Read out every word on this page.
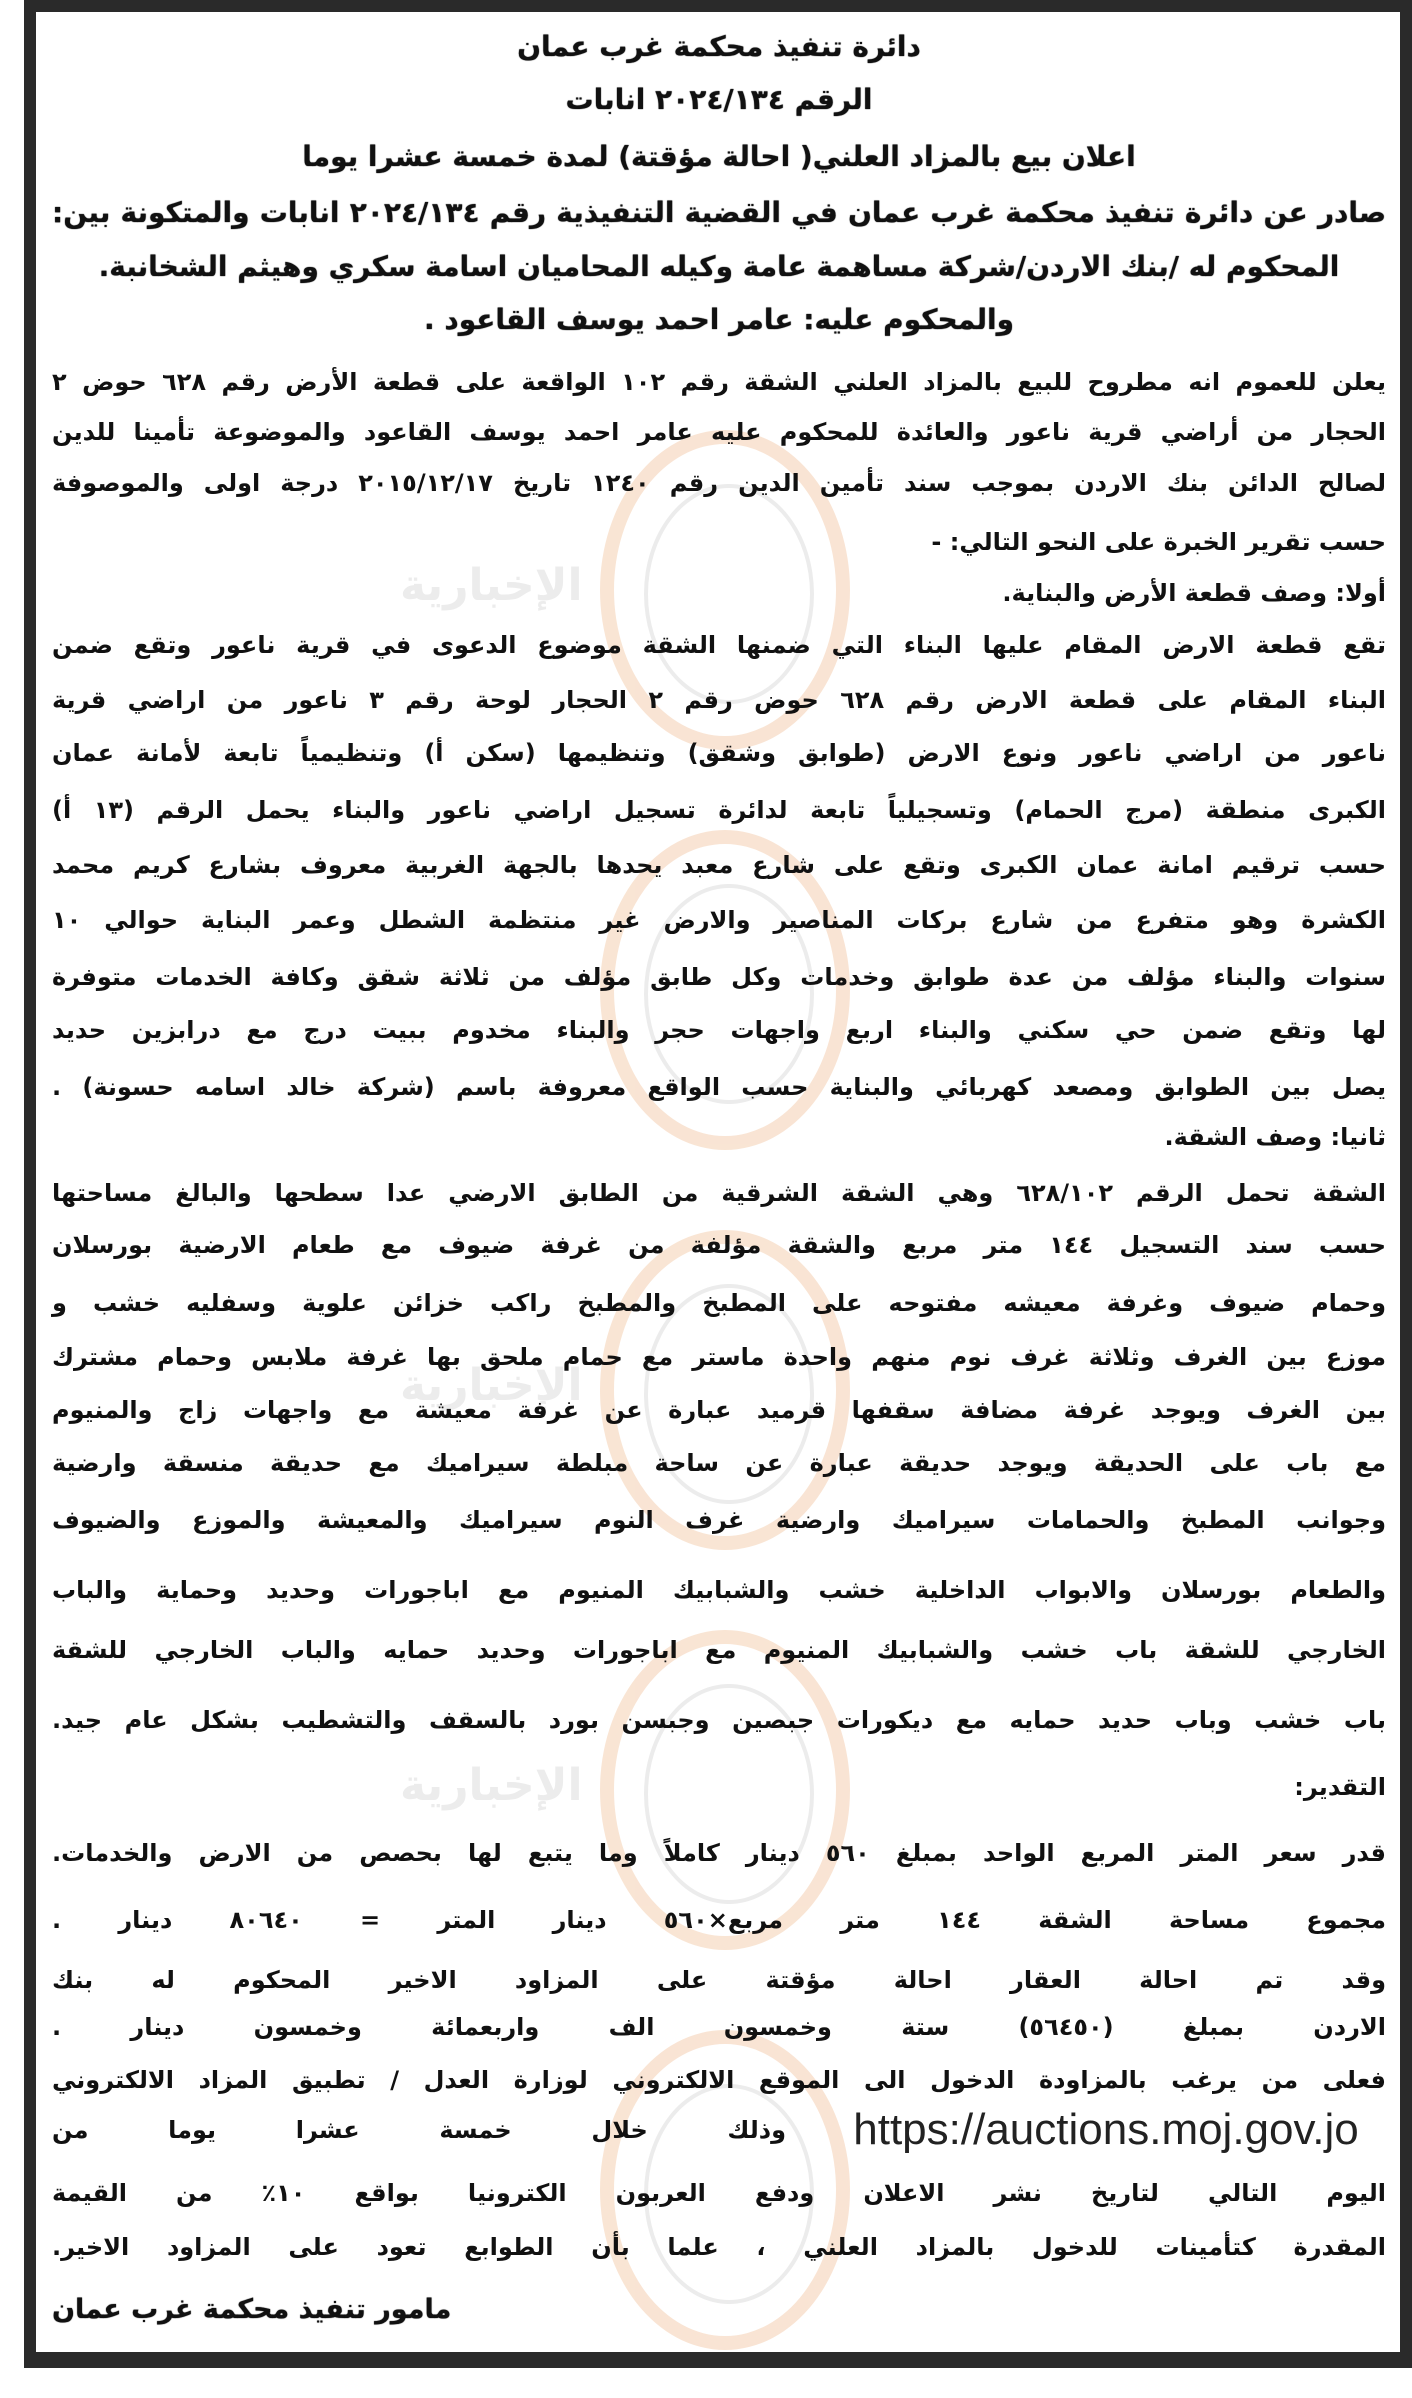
الإخبارية
الإخبارية
الإخبارية
دائرة تنفيذ محكمة غرب عمان
الرقم ٢٠٢٤/١٣٤ انابات
اعلان بيع بالمزاد العلني( احالة مؤقتة) لمدة خمسة عشرا يوما
صادر عن دائرة تنفيذ محكمة غرب عمان في القضية التنفيذية رقم ٢٠٢٤/١٣٤ انابات والمتكونة بين:
المحكوم له /بنك الاردن/شركة مساهمة عامة وكيله المحاميان اسامة سكري وهيثم الشخانبة.
والمحكوم عليه: عامر احمد يوسف القاعود .
يعلن للعموم انه مطروح للبيع بالمزاد العلني الشقة رقم ١٠٢ الواقعة على قطعة الأرض رقم ٦٢٨ حوض ٢
الحجار من أراضي قرية ناعور والعائدة للمحكوم عليه عامر احمد يوسف القاعود والموضوعة تأمينا للدين
لصالح الدائن بنك الاردن بموجب سند تأمين الدين رقم ١٢٤٠ تاريخ ٢٠١٥/١٢/١٧ درجة اولى والموصوفة
حسب تقرير الخبرة على النحو التالي: -
أولا: وصف قطعة الأرض والبناية.
تقع قطعة الارض المقام عليها البناء التي ضمنها الشقة موضوع الدعوى في قرية ناعور وتقع ضمن
البناء المقام على قطعة الارض رقم ٦٢٨ حوض رقم ٢ الحجار لوحة رقم ٣ ناعور من اراضي قرية
ناعور من اراضي ناعور ونوع الارض (طوابق وشقق) وتنظيمها (سكن أ) وتنظيمياً تابعة لأمانة عمان
الكبرى منطقة (مرج الحمام) وتسجيلياً تابعة لدائرة تسجيل اراضي ناعور والبناء يحمل الرقم (١٣ أ)
حسب ترقيم امانة عمان الكبرى وتقع على شارع معبد يحدها بالجهة الغربية معروف بشارع كريم محمد
الكشرة وهو متفرع من شارع بركات المناصير والارض غير منتظمة الشطل وعمر البناية حوالي ١٠
سنوات والبناء مؤلف من عدة طوابق وخدمات وكل طابق مؤلف من ثلاثة شقق وكافة الخدمات متوفرة
لها وتقع ضمن حي سكني والبناء اربع واجهات حجر والبناء مخدوم ببيت درج مع درابزين حديد
يصل بين الطوابق ومصعد كهربائي والبناية حسب الواقع معروفة باسم (شركة خالد اسامه حسونة) .
ثانيا: وصف الشقة.
الشقة تحمل الرقم ٦٢٨/١٠٢ وهي الشقة الشرقية من الطابق الارضي عدا سطحها والبالغ مساحتها
حسب سند التسجيل ١٤٤ متر مربع والشقة مؤلفة من غرفة ضيوف مع طعام الارضية بورسلان
وحمام ضيوف وغرفة معيشه مفتوحه على المطبخ والمطبخ راكب خزائن علوية وسفليه خشب و
موزع بين الغرف وثلاثة غرف نوم منهم واحدة ماستر مع حمام ملحق بها غرفة ملابس وحمام مشترك
بين الغرف ويوجد غرفة مضافة سقفها قرميد عبارة عن غرفة معيشة مع واجهات زاج والمنيوم
مع باب على الحديقة ويوجد حديقة عبارة عن ساحة مبلطة سيراميك مع حديقة منسقة وارضية
وجوانب المطبخ والحمامات سيراميك وارضية غرف النوم سيراميك والمعيشة والموزع والضيوف
والطعام بورسلان والابواب الداخلية خشب والشبابيك المنيوم مع اباجورات وحديد وحماية والباب
الخارجي للشقة باب خشب والشبابيك المنيوم مع اباجورات وحديد حمايه والباب الخارجي للشقة
باب خشب وباب حديد حمايه مع ديكورات جبصين وجبسن بورد بالسقف والتشطيب بشكل عام جيد.
التقدير:
قدر سعر المتر المربع الواحد بمبلغ ٥٦٠ دينار كاملاً وما يتبع لها بحصص من الارض والخدمات.
مجموع مساحة الشقة ١٤٤ متر مربع×٥٦٠ دينار المتر = ٨٠٦٤٠ دينار .
وقد تم احالة العقار احالة مؤقتة على المزاود الاخير المحكوم له بنك
الاردن بمبلغ (٥٦٤٥٠) ستة وخمسون الف واربعمائة وخمسون دينار .
فعلى من يرغب بالمزاودة الدخول الى الموقع الالكتروني لوزارة العدل / تطبيق المزاد الالكتروني
https://auctions.moj.gov.jo
وذلك خلال خمسة عشرا يوما من
اليوم التالي لتاريخ نشر الاعلان ودفع العربون الكترونيا بواقع ١٠٪ من القيمة
المقدرة كتأمينات للدخول بالمزاد العلني ، علما بأن الطوابع تعود على المزاود الاخير.
مامور تنفيذ محكمة غرب عمان
